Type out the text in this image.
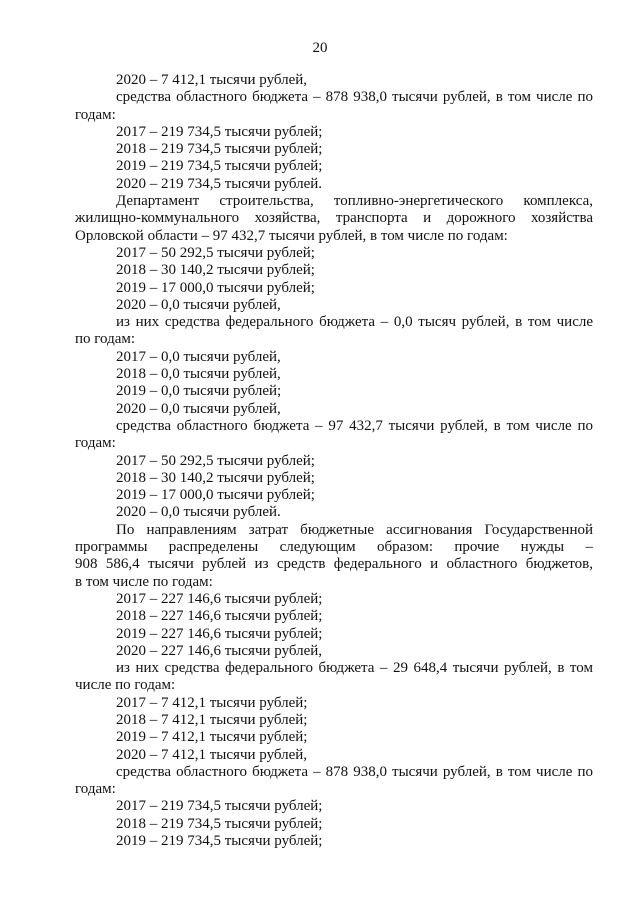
20
2020 – 7 412,1 тысячи рублей,
средства областного бюджета – 878 938,0 тысячи рублей, в том числе по
годам:
2017 – 219 734,5 тысячи рублей;
2018 – 219 734,5 тысячи рублей;
2019 – 219 734,5 тысячи рублей;
2020 – 219 734,5 тысячи рублей.
Департамент строительства, топливно-энергетического комплекса,
жилищно-коммунального хозяйства, транспорта и дорожного хозяйства
Орловской области – 97 432,7 тысячи рублей, в том числе по годам:
2017 – 50 292,5 тысячи рублей;
2018 – 30 140,2 тысячи рублей;
2019 – 17 000,0 тысячи рублей;
2020 – 0,0 тысячи рублей,
из них средства федерального бюджета – 0,0 тысяч рублей, в том числе
по годам:
2017 – 0,0 тысячи рублей,
2018 – 0,0 тысячи рублей,
2019 – 0,0 тысячи рублей;
2020 – 0,0 тысячи рублей,
средства областного бюджета – 97 432,7 тысячи рублей, в том числе по
годам:
2017 – 50 292,5 тысячи рублей;
2018 – 30 140,2 тысячи рублей;
2019 – 17 000,0 тысячи рублей;
2020 – 0,0 тысячи рублей.
По направлениям затрат бюджетные ассигнования Государственной
программы распределены следующим образом: прочие нужды –
908 586,4 тысячи рублей из средств федерального и областного бюджетов,
в том числе по годам:
2017 – 227 146,6 тысячи рублей;
2018 – 227 146,6 тысячи рублей;
2019 – 227 146,6 тысячи рублей;
2020 – 227 146,6 тысячи рублей,
из них средства федерального бюджета – 29 648,4 тысячи рублей, в том
числе по годам:
2017 – 7 412,1 тысячи рублей;
2018 – 7 412,1 тысячи рублей;
2019 – 7 412,1 тысячи рублей;
2020 – 7 412,1 тысячи рублей,
средства областного бюджета – 878 938,0 тысячи рублей, в том числе по
годам:
2017 – 219 734,5 тысячи рублей;
2018 – 219 734,5 тысячи рублей;
2019 – 219 734,5 тысячи рублей;
